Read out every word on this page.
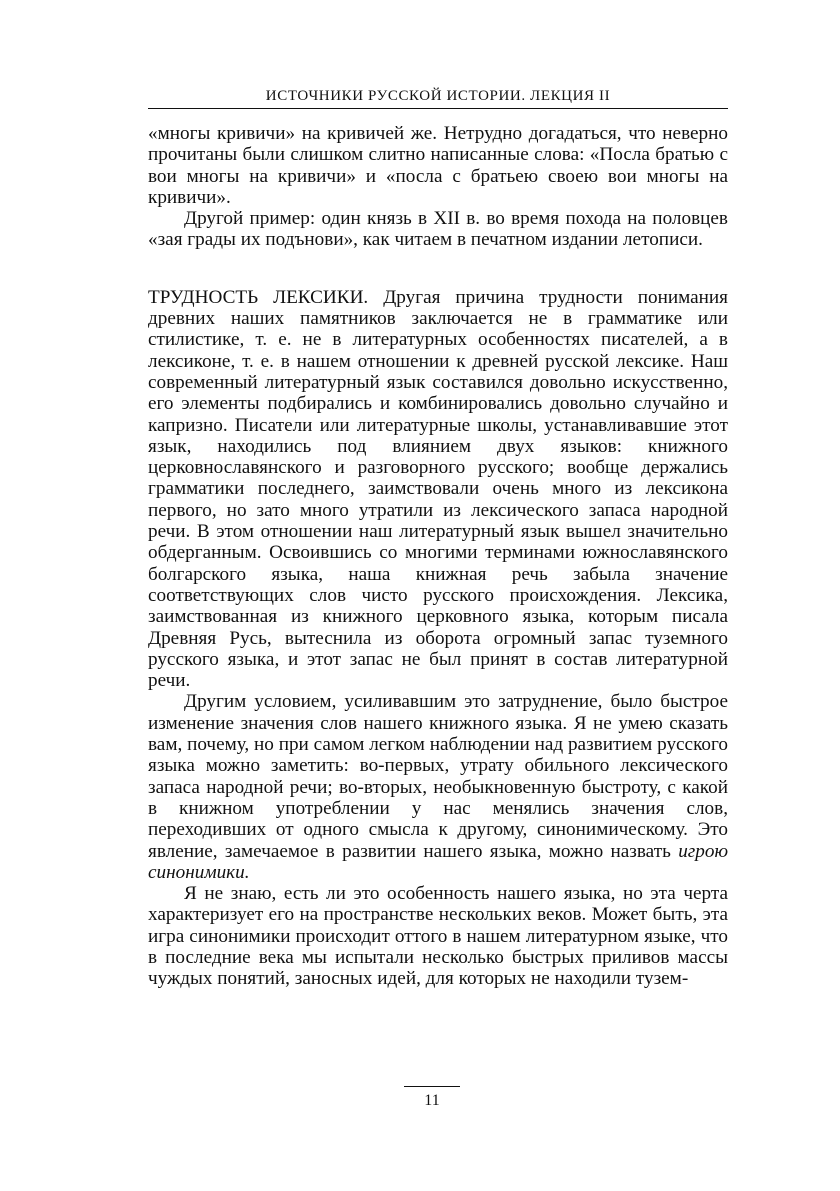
ИСТОЧНИКИ РУССКОЙ ИСТОРИИ. ЛЕКЦИЯ II

«многы кривичи» на кривичей же. Нетрудно догадаться, что неверно прочитаны были слишком слитно написанные слова: «Посла братью с вои многы на кривичи» и «посла с братьею своею вои многы на кривичи».

Другой пример: один князь в XII в. во время похода на половцев «зая грады их подънови», как читаем в печатном издании летописи.

ТРУДНОСТЬ ЛЕКСИКИ. Другая причина трудности понимания древних наших памятников заключается не в грамматике или стилистике, т. е. не в литературных особенностях писателей, а в лексиконе, т. е. в нашем отношении к древней русской лексике. Наш современный литературный язык составился довольно искусственно, его элементы подбирались и комбинировались довольно случайно и капризно. Писатели или литературные школы, устанавливавшие этот язык, находились под влиянием двух языков: книжного церковнославянского и разговорного русского; вообще держались грамматики последнего, заимствовали очень много из лексикона первого, но зато много утратили из лексического запаса народной речи. В этом отношении наш литературный язык вышел значительно обдерганным. Освоившись со многими терминами южнославянского болгарского языка, наша книжная речь забыла значение соответствующих слов чисто русского происхождения. Лексика, заимствованная из книжного церковного языка, которым писала Древняя Русь, вытеснила из оборота огромный запас туземного русского языка, и этот запас не был принят в состав литературной речи.

Другим условием, усиливавшим это затруднение, было быстрое изменение значения слов нашего книжного языка. Я не умею сказать вам, почему, но при самом легком наблюдении над развитием русского языка можно заметить: во-первых, утрату обильного лексического запаса народной речи; во-вторых, необыкновенную быстроту, с какой в книжном употреблении у нас менялись значения слов, переходивших от одного смысла к другому, синонимическому. Это явление, замечаемое в развитии нашего языка, можно назвать игрою синонимики.

Я не знаю, есть ли это особенность нашего языка, но эта черта характеризует его на пространстве нескольких веков. Может быть, эта игра синонимики происходит оттого в нашем литературном языке, что в последние века мы испытали несколько быстрых приливов массы чуждых понятий, заносных идей, для которых не находили тузем-

11
